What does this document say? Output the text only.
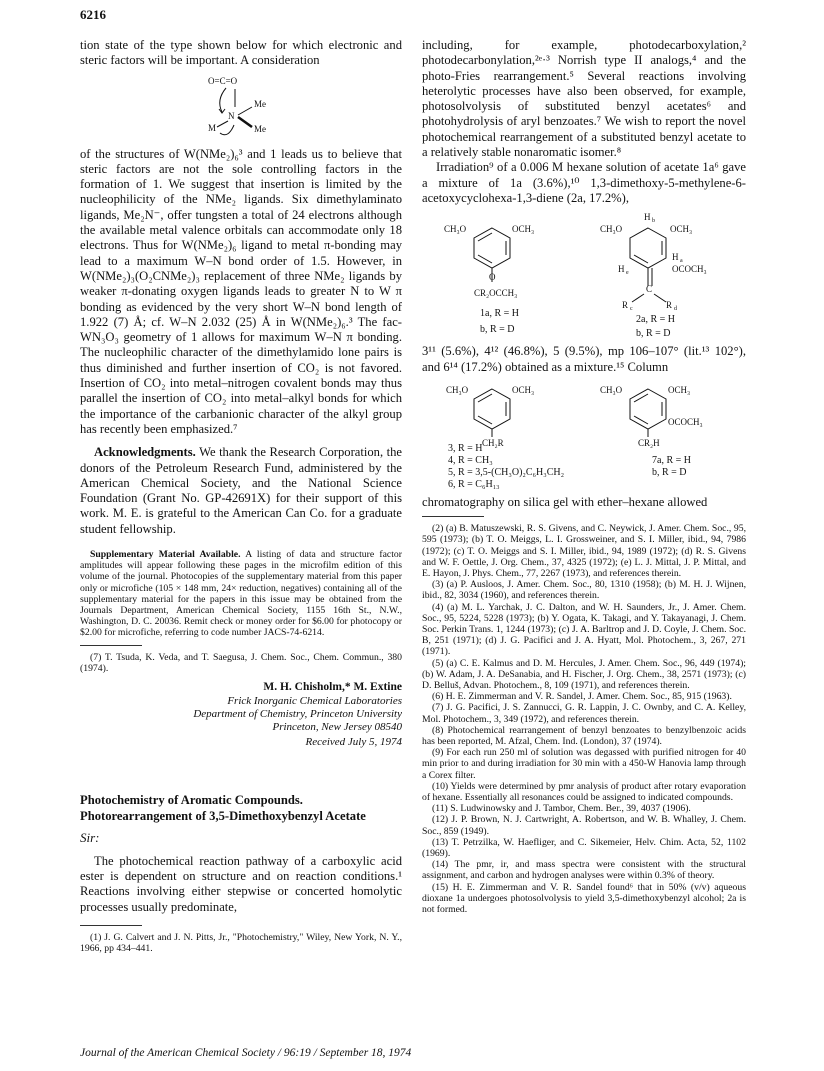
6216

tion state of the type shown below for which electronic and steric factors will be important. A consideration

O=C=O
N
Me
Me
M

of the structures of W(NMe₂)₆³ and 1 leads us to believe that steric factors are not the sole controlling factors in the formation of 1. We suggest that insertion is limited by the nucleophilicity of the NMe₂ ligands. Six dimethylaminato ligands, Me₂N⁻, offer tungsten a total of 24 electrons although the available metal valence orbitals can accommodate only 18 electrons. Thus for W(NMe₂)₆ ligand to metal π-bonding may lead to a maximum W–N bond order of 1.5. However, in W(NMe₂)₃(O₂CNMe₂)₃ replacement of three NMe₂ ligands by weaker π-donating oxygen ligands leads to greater N to W π bonding as evidenced by the very short W–N bond length of 1.922 (7) Å; cf. W–N 2.032 (25) Å in W(NMe₂)₆.³ The fac-WN₃O₃ geometry of 1 allows for maximum W–N π bonding. The nucleophilic character of the dimethylamido lone pairs is thus diminished and further insertion of CO₂ is not favored. Insertion of CO₂ into metal–nitrogen covalent bonds may thus parallel the insertion of CO₂ into metal–alkyl bonds for which the importance of the carbanionic character of the alkyl group has recently been emphasized.⁷

Acknowledgments. We thank the Research Corporation, the donors of the Petroleum Research Fund, administered by the American Chemical Society, and the National Science Foundation (Grant No. GP-42691X) for their support of this work. M. E. is grateful to the American Can Co. for a graduate student fellowship.

Supplementary Material Available. A listing of data and structure factor amplitudes will appear following these pages in the microfilm edition of this volume of the journal. Photocopies of the supplementary material from this paper only or microfiche (105 × 148 mm, 24× reduction, negatives) containing all of the supplementary material for the papers in this issue may be obtained from the Journals Department, American Chemical Society, 1155 16th St., N.W., Washington, D. C. 20036. Remit check or money order for $6.00 for photocopy or $2.00 for microfiche, referring to code number JACS-74-6214.

(7) T. Tsuda, K. Veda, and T. Saegusa, J. Chem. Soc., Chem. Commun., 380 (1974).

M. H. Chisholm,* M. Extine
Frick Inorganic Chemical Laboratories
Department of Chemistry, Princeton University
Princeton, New Jersey 08540
Received July 5, 1974
Photochemistry of Aromatic Compounds.
Photorearrangement of 3,5-Dimethoxybenzyl Acetate
Sir:

The photochemical reaction pathway of a carboxylic acid ester is dependent on structure and on reaction conditions.¹ Reactions involving either stepwise or concerted homolytic processes usually predominate,

(1) J. G. Calvert and J. N. Pitts, Jr., "Photochemistry," Wiley, New York, N. Y., 1966, pp 434–441.

including, for example, photodecarboxylation,² photodecarbonylation,²ᵉ·³ Norrish type II analogs,⁴ and the photo-Fries rearrangement.⁵ Several reactions involving heterolytic processes have also been observed, for example, photosolvolysis of substituted benzyl acetates⁶ and photohydrolysis of aryl benzoates.⁷ We wish to report the novel photochemical rearrangement of a substituted benzyl acetate to a relatively stable nonaromatic isomer.⁸

Irradiation⁹ of a 0.006 M hexane solution of acetate 1a⁶ gave a mixture of 1a (3.6%),¹⁰ 1,3-dimethoxy-5-methylene-6-acetoxycyclohexa-1,3-diene (2a, 17.2%),

CH₃O	OCH₃
O
CR₂OCCH₃
1a, R = H
b, R = D
H b
CH₃O	OCH₃
H a
OCOCH₃
H e
C
R c	R d
2a, R = H
b, R = D

3¹¹ (5.6%), 4¹² (46.8%), 5 (9.5%), mp 106–107° (lit.¹³ 102°), and 6¹⁴ (17.2%) obtained as a mixture.¹⁵ Column

CH₃O	OCH₃
CH₂R
3, R = H
4, R = CH₃
5, R = 3,5-(CH₃O)₂C₆H₃CH₂
6, R = C₆H₁₃
CH₃O	OCH₃
OCOCH₃
CR₂H
7a, R = H
b, R = D

chromatography on silica gel with ether–hexane allowed

(2) (a) B. Matuszewski, R. S. Givens, and C. Neywick, J. Amer. Chem. Soc., 95, 595 (1973); (b) T. O. Meiggs, L. I. Grossweiner, and S. I. Miller, ibid., 94, 7986 (1972); (c) T. O. Meiggs and S. I. Miller, ibid., 94, 1989 (1972); (d) R. S. Givens and W. F. Oettle, J. Org. Chem., 37, 4325 (1972); (e) L. J. Mittal, J. P. Mittal, and E. Hayon, J. Phys. Chem., 77, 2267 (1973), and references therein.

(3) (a) P. Ausloos, J. Amer. Chem. Soc., 80, 1310 (1958); (b) M. H. J. Wijnen, ibid., 82, 3034 (1960), and references therein.

(4) (a) M. L. Yarchak, J. C. Dalton, and W. H. Saunders, Jr., J. Amer. Chem. Soc., 95, 5224, 5228 (1973); (b) Y. Ogata, K. Takagi, and Y. Takayanagi, J. Chem. Soc. Perkin Trans. 1, 1244 (1973); (c) J. A. Barltrop and J. D. Coyle, J. Chem. Soc. B, 251 (1971); (d) J. G. Pacifici and J. A. Hyatt, Mol. Photochem., 3, 267, 271 (1971).

(5) (a) C. E. Kalmus and D. M. Hercules, J. Amer. Chem. Soc., 96, 449 (1974); (b) W. Adam, J. A. DeSanabia, and H. Fischer, J. Org. Chem., 38, 2571 (1973); (c) D. Belluš, Advan. Photochem., 8, 109 (1971), and references therein.

(6) H. E. Zimmerman and V. R. Sandel, J. Amer. Chem. Soc., 85, 915 (1963).

(7) J. G. Pacifici, J. S. Zannucci, G. R. Lappin, J. C. Ownby, and C. A. Kelley, Mol. Photochem., 3, 349 (1972), and references therein.

(8) Photochemical rearrangement of benzyl benzoates to benzylbenzoic acids has been reported, M. Afzal, Chem. Ind. (London), 37 (1974).

(9) For each run 250 ml of solution was degassed with purified nitrogen for 40 min prior to and during irradiation for 30 min with a 450-W Hanovia lamp through a Corex filter.

(10) Yields were determined by pmr analysis of product after rotary evaporation of hexane. Essentially all resonances could be assigned to indicated compounds.

(11) S. Ludwinowsky and J. Tambor, Chem. Ber., 39, 4037 (1906).

(12) J. P. Brown, N. J. Cartwright, A. Robertson, and W. B. Whalley, J. Chem. Soc., 859 (1949).

(13) T. Petrzilka, W. Haefliger, and C. Sikemeier, Helv. Chim. Acta, 52, 1102 (1969).

(14) The pmr, ir, and mass spectra were consistent with the structural assignment, and carbon and hydrogen analyses were within 0.3% of theory.

(15) H. E. Zimmerman and V. R. Sandel found⁶ that in 50% (v/v) aqueous dioxane 1a undergoes photosolvolysis to yield 3,5-dimethoxybenzyl alcohol; 2a is not formed.

Journal of the American Chemical Society / 96:19 / September 18, 1974
